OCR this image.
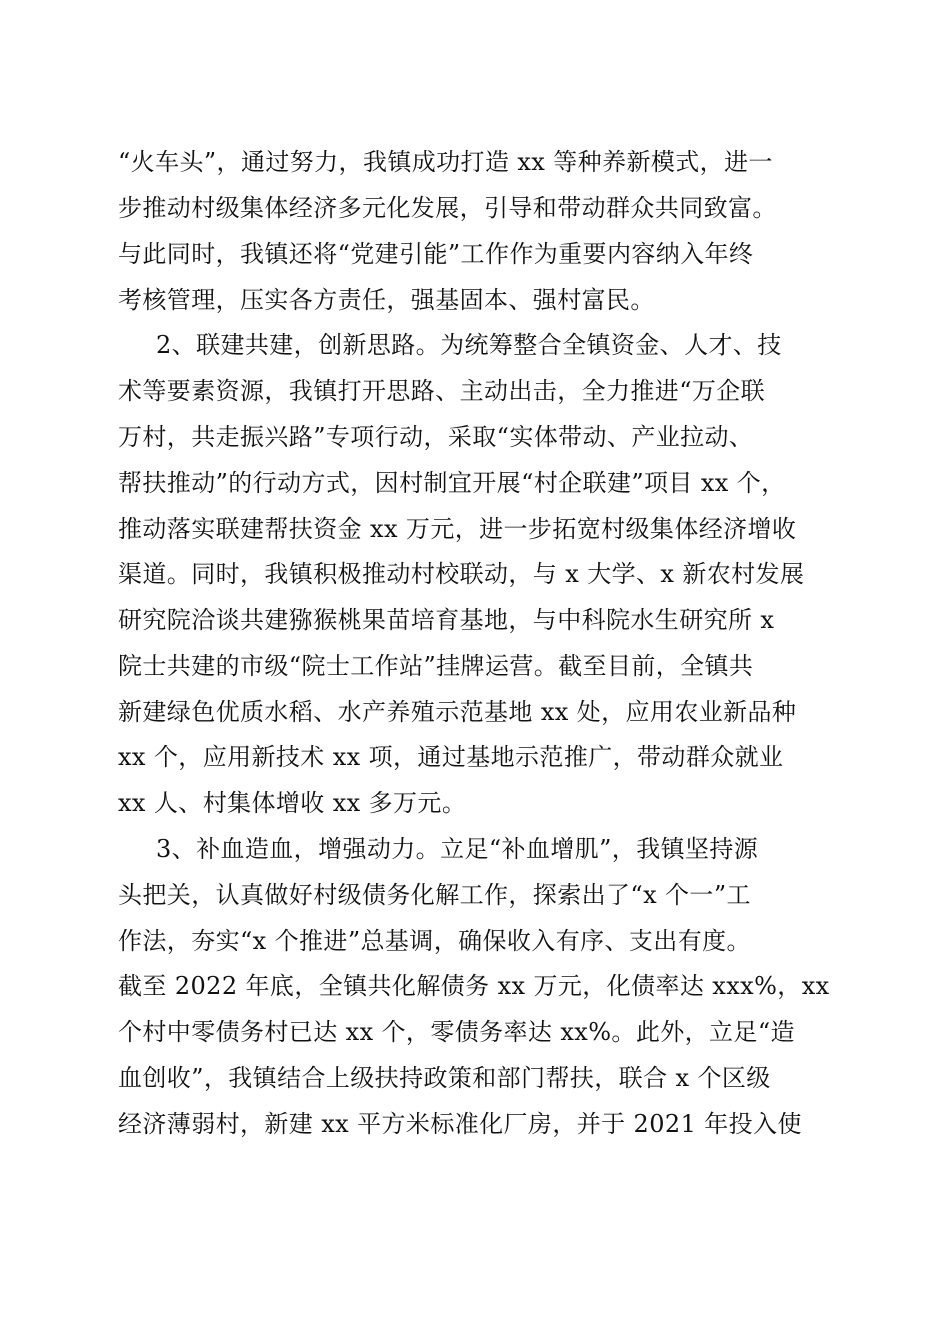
“火车头”，通过努力，我镇成功打造 xx 等种养新模式，进一
步推动村级集体经济多元化发展，引导和带动群众共同致富。
与此同时，我镇还将“党建引能”工作作为重要内容纳入年终
考核管理，压实各方责任，强基固本、强村富民。
2、联建共建，创新思路。为统筹整合全镇资金、人才、技
术等要素资源，我镇打开思路、主动出击，全力推进“万企联
万村，共走振兴路”专项行动，采取“实体带动、产业拉动、
帮扶推动”的行动方式，因村制宜开展“村企联建”项目 xx 个，
推动落实联建帮扶资金 xx 万元，进一步拓宽村级集体经济增收
渠道。同时，我镇积极推动村校联动，与 x 大学、x 新农村发展
研究院洽谈共建猕猴桃果苗培育基地，与中科院水生研究所 x
院士共建的市级“院士工作站”挂牌运营。截至目前，全镇共
新建绿色优质水稻、水产养殖示范基地 xx 处，应用农业新品种
xx 个，应用新技术 xx 项，通过基地示范推广，带动群众就业
xx 人、村集体增收 xx 多万元。
3、补血造血，增强动力。立足“补血增肌”，我镇坚持源
头把关，认真做好村级债务化解工作，探索出了“x 个一”工
作法，夯实“x 个推进”总基调，确保收入有序、支出有度。
截至 2022 年底，全镇共化解债务 xx 万元，化债率达 xxx%，xx
个村中零债务村已达 xx 个，零债务率达 xx%。此外，立足“造
血创收”，我镇结合上级扶持政策和部门帮扶，联合 x 个区级
经济薄弱村，新建 xx 平方米标准化厂房，并于 2021 年投入使
